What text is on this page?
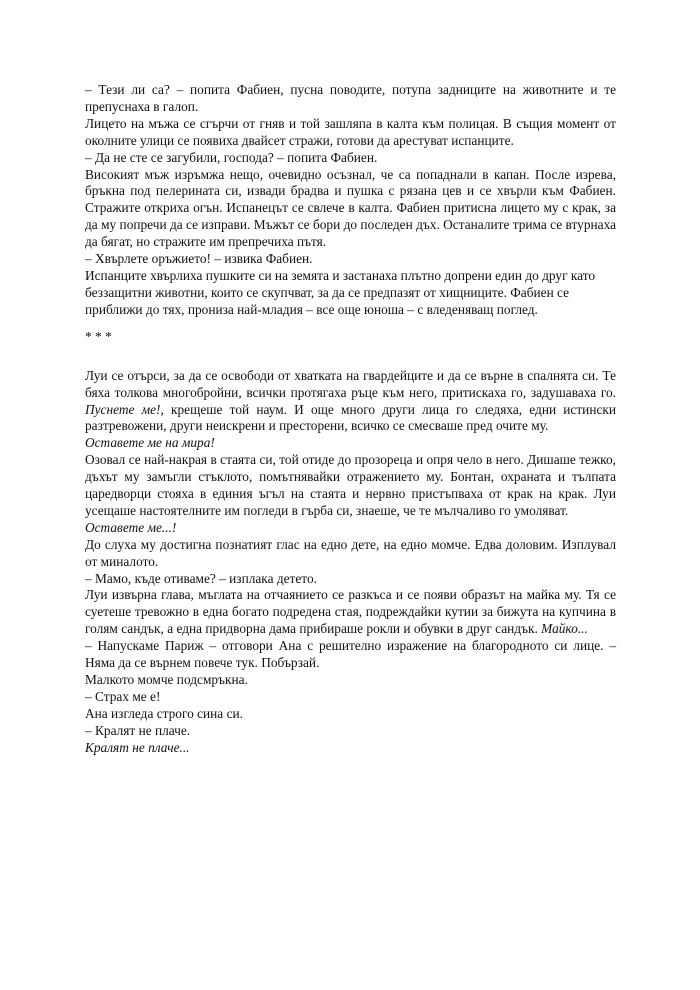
– Тези ли са? – попита Фабиен, пусна поводите, потупа задниците на животните и те препуснаха в галоп.

Лицето на мъжа се сгърчи от гняв и той зашляпа в калта към полицая. В същия момент от околните улици се появиха двайсет стражи, готови да арестуват испанците.

– Да не сте се загубили, господа? – попита Фабиен.

Високият мъж изръмжа нещо, очевидно осъзнал, че са попаднали в капан. После изрева, бръкна под пелерината си, извади брадва и пушка с рязана цев и се хвърли към Фабиен. Стражите откриха огън. Испанецът се свлече в калта. Фабиен притисна лицето му с крак, за да му попречи да се изправи. Мъжът се бори до последен дъх. Останалите трима се втурнаха да бягат, но стражите им препречиха пътя.

– Хвърлете оръжието! – извика Фабиен.

Испанците хвърлиха пушките си на земята и застанаха плътно допрени един до друг като беззащитни животни, които се скупчват, за да се предпазят от хищниците. Фабиен се приближи до тях, прониза най-младия – все още юноша – с вледеняващ поглед.

* * *

Луи се отърси, за да се освободи от хватката на гвардейците и да се върне в спалнята си. Те бяха толкова многобройни, всички протягаха ръце към него, притискаха го, задушаваха го. Пуснете ме!, крещеше той наум. И още много други лица го следяха, едни истински разтревожени, други неискрени и престорени, всичко се смесваше пред очите му.

Оставете ме на мира!

Озовал се най-накрая в стаята си, той отиде до прозореца и опря чело в него. Дишаше тежко, дъхът му замъгли стъклото, помътнявайки отражението му. Бонтан, охраната и тълпата царедворци стояха в единия ъгъл на стаята и нервно пристъпваха от крак на крак. Луи усещаше настоятелните им погледи в гърба си, знаеше, че те мълчаливо го умоляват.

Оставете ме...!

До слуха му достигна познатият глас на едно дете, на едно момче. Едва доловим. Изплувал от миналото.

– Мамо, къде отиваме? – изплака детето.

Луи извърна глава, мъглата на отчаянието се разкъса и се появи образът на майка му. Тя се суетеше тревожно в една богато подредена стая, подреждайки кутии за бижута на купчина в голям сандък, а една придворна дама прибираше рокли и обувки в друг сандък. Майко...

– Напускаме Париж – отговори Ана с решително изражение на благородното си лице. – Няма да се върнем повече тук. Побързай.

Малкото момче подсмръкна.

– Страх ме е!

Ана изгледа строго сина си.

– Кралят не плаче.

Кралят не плаче...
